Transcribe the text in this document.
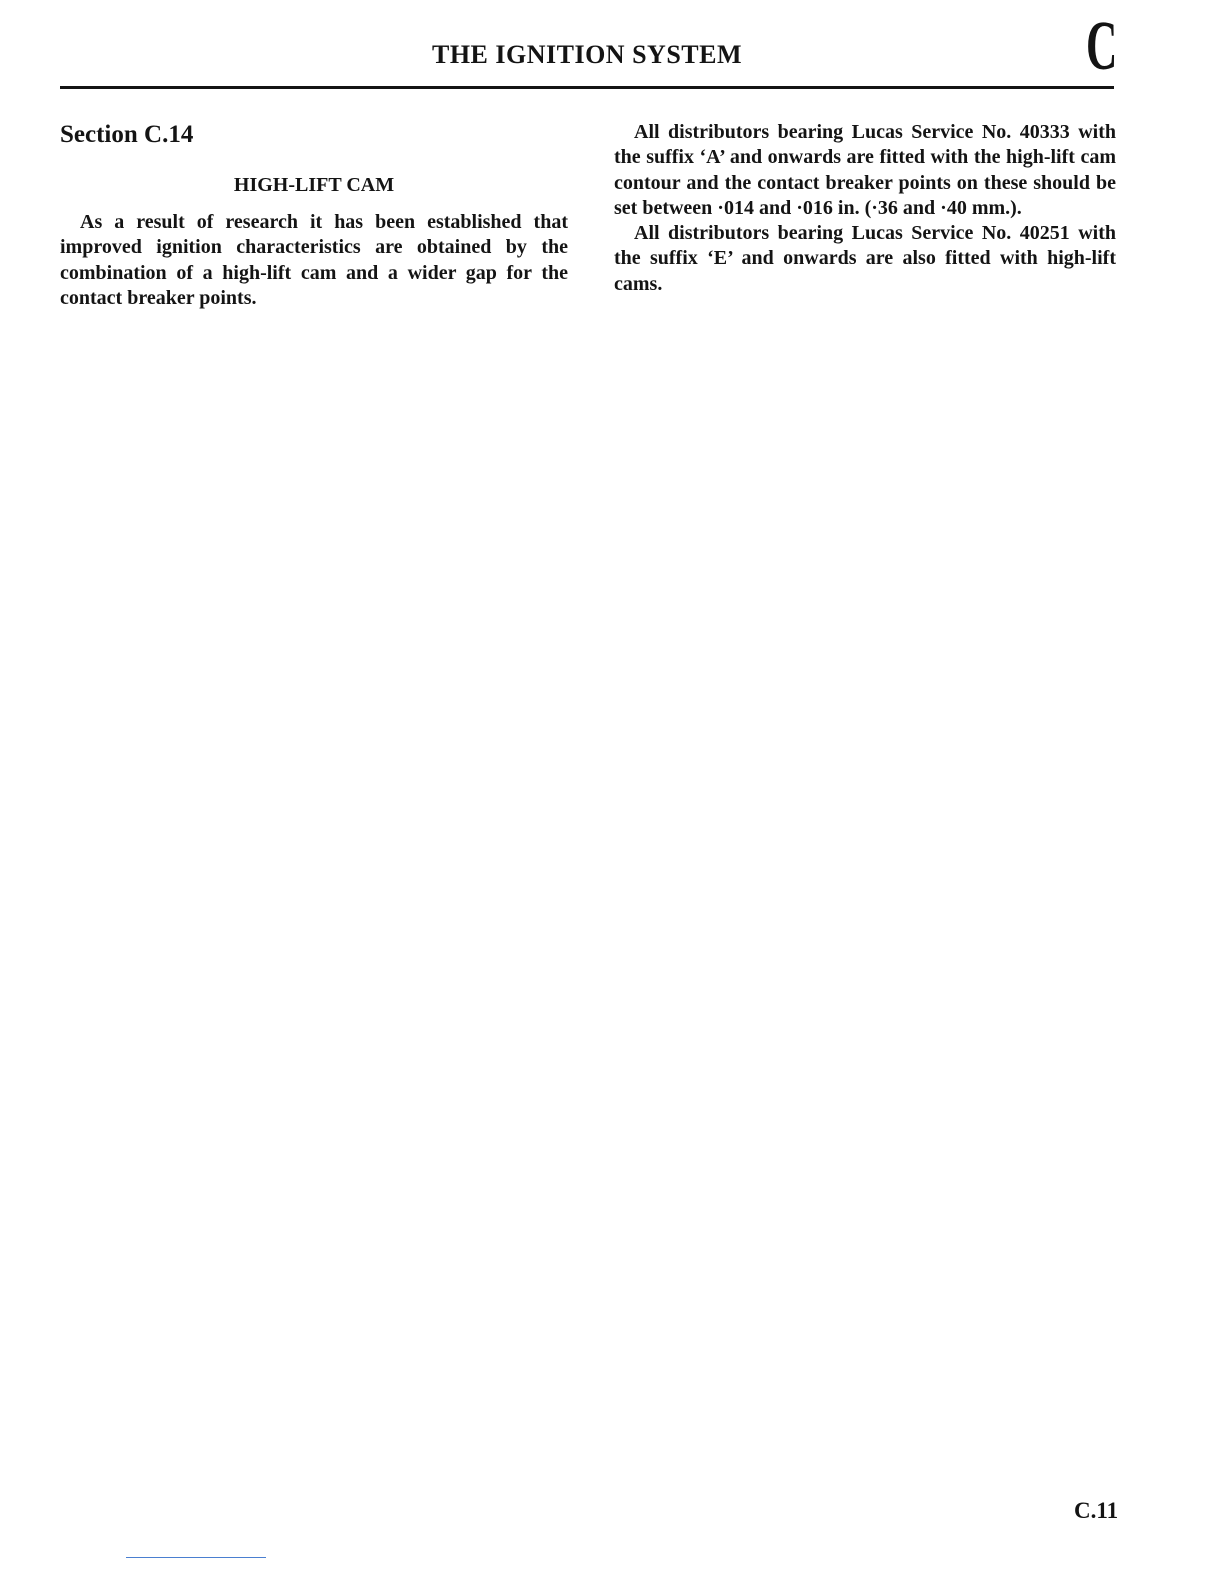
THE IGNITION SYSTEM	C
Section C.14
HIGH-LIFT CAM

As a result of research it has been established that improved ignition characteristics are obtained by the combination of a high-lift cam and a wider gap for the contact breaker points.

All distributors bearing Lucas Service No. 40333 with the suffix ‘A’ and onwards are fitted with the high-lift cam contour and the contact breaker points on these should be set between ·014 and ·016 in. (·36 and ·40 mm.).

All distributors bearing Lucas Service No. 40251 with the suffix ‘E’ and onwards are also fitted with high-lift cams.

C.11
